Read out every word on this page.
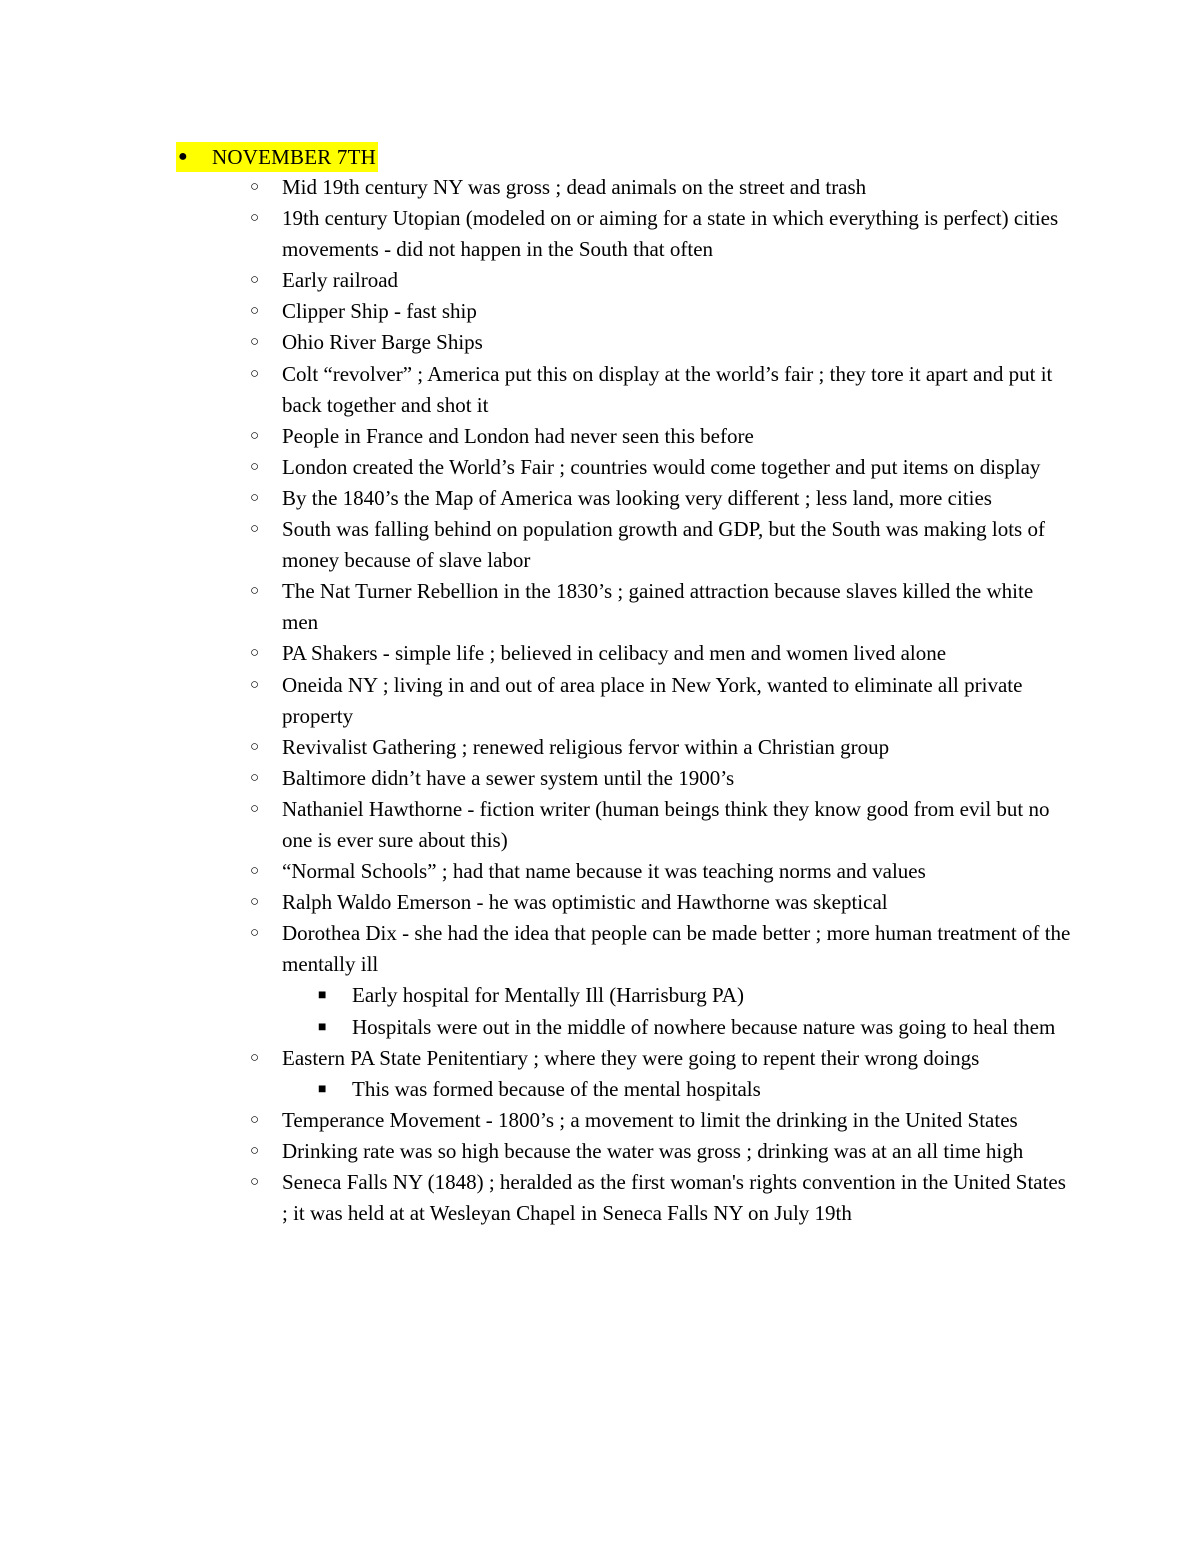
●	NOVEMBER 7TH
○ Mid 19th century NY was gross ; dead animals on the street and trash
○ 19th century Utopian (modeled on or aiming for a state in which everything is perfect) cities movements - did not happen in the South that often
○ Early railroad
○ Clipper Ship - fast ship
○ Ohio River Barge Ships
○ Colt “revolver” ; America put this on display at the world’s fair ; they tore it apart and put it back together and shot it
○ People in France and London had never seen this before
○ London created the World’s Fair ; countries would come together and put items on display
○ By the 1840’s the Map of America was looking very different ; less land, more cities
○ South was falling behind on population growth and GDP, but the South was making lots of money because of slave labor
○ The Nat Turner Rebellion in the 1830’s ; gained attraction because slaves killed the white men
○ PA Shakers - simple life ; believed in celibacy and men and women lived alone
○ Oneida NY ; living in and out of area place in New York, wanted to eliminate all private property
○ Revivalist Gathering ; renewed religious fervor within a Christian group
○ Baltimore didn’t have a sewer system until the 1900’s
○ Nathaniel Hawthorne - fiction writer (human beings think they know good from evil but no one is ever sure about this)
○ “Normal Schools” ; had that name because it was teaching norms and values
○ Ralph Waldo Emerson - he was optimistic and Hawthorne was skeptical
○ Dorothea Dix - she had the idea that people can be made better ; more human treatment of the mentally ill
■ Early hospital for Mentally Ill (Harrisburg PA)
■ Hospitals were out in the middle of nowhere because nature was going to heal them
○ Eastern PA State Penitentiary ; where they were going to repent their wrong doings
■ This was formed because of the mental hospitals
○ Temperance Movement - 1800’s ; a movement to limit the drinking in the United States
○ Drinking rate was so high because the water was gross ; drinking was at an all time high
○ Seneca Falls NY (1848) ; heralded as the first woman's rights convention in the United States ; it was held at at Wesleyan Chapel in Seneca Falls NY on July 19th
